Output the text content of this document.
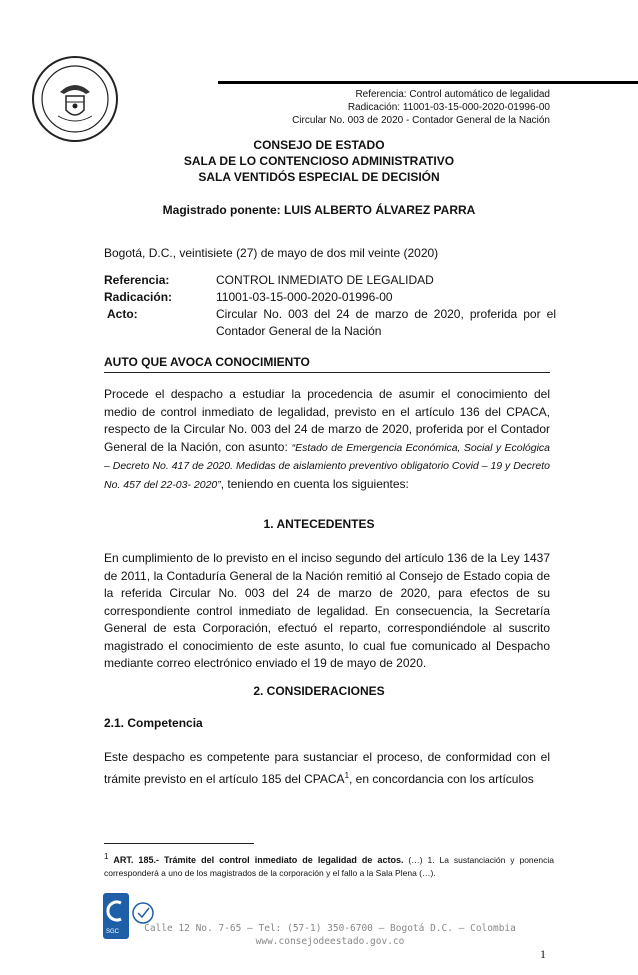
Referencia: Control automático de legalidad
Radicación: 11001-03-15-000-2020-01996-00
Circular No. 003 de 2020 - Contador General de la Nación
CONSEJO DE ESTADO
SALA DE LO CONTENCIOSO ADMINISTRATIVO
SALA VENTIDÓS ESPECIAL DE DECISIÓN
Magistrado ponente: LUIS ALBERTO ÁLVAREZ PARRA
Bogotá, D.C., veintisiete (27) de mayo de dos mil veinte (2020)
Referencia:	CONTROL INMEDIATO DE LEGALIDAD
Radicación:	11001-03-15-000-2020-01996-00
Acto:	Circular No. 003 del 24 de marzo de 2020, proferida por el Contador General de la Nación
AUTO QUE AVOCA CONOCIMIENTO
Procede el despacho a estudiar la procedencia de asumir el conocimiento del medio de control inmediato de legalidad, previsto en el artículo 136 del CPACA, respecto de la Circular No. 003 del 24 de marzo de 2020, proferida por el Contador General de la Nación, con asunto: “Estado de Emergencia Económica, Social y Ecológica – Decreto No. 417 de 2020. Medidas de aislamiento preventivo obligatorio Covid – 19 y Decreto No. 457 del 22-03- 2020”, teniendo en cuenta los siguientes:
1. ANTECEDENTES
En cumplimiento de lo previsto en el inciso segundo del artículo 136 de la Ley 1437 de 2011, la Contaduría General de la Nación remitió al Consejo de Estado copia de la referida Circular No. 003 del 24 de marzo de 2020, para efectos de su correspondiente control inmediato de legalidad. En consecuencia, la Secretaría General de esta Corporación, efectuó el reparto, correspondiéndole al suscrito magistrado el conocimiento de este asunto, lo cual fue comunicado al Despacho mediante correo electrónico enviado el 19 de mayo de 2020.
2. CONSIDERACIONES
2.1. Competencia
Este despacho es competente para sustanciar el proceso, de conformidad con el trámite previsto en el artículo 185 del CPACA$^1$, en concordancia con los artículos
$^1$ ART. 185.- Trámite del control inmediato de legalidad de actos. (…) 1. La sustanciación y ponencia corresponderá a uno de los magistrados de la corporación y el fallo a la Sala Plena (…).
SGC	Calle 12 No. 7-65 – Tel: (57-1) 350-6700 – Bogotá D.C. – Colombia
www.consejodeestado.gov.co
1
